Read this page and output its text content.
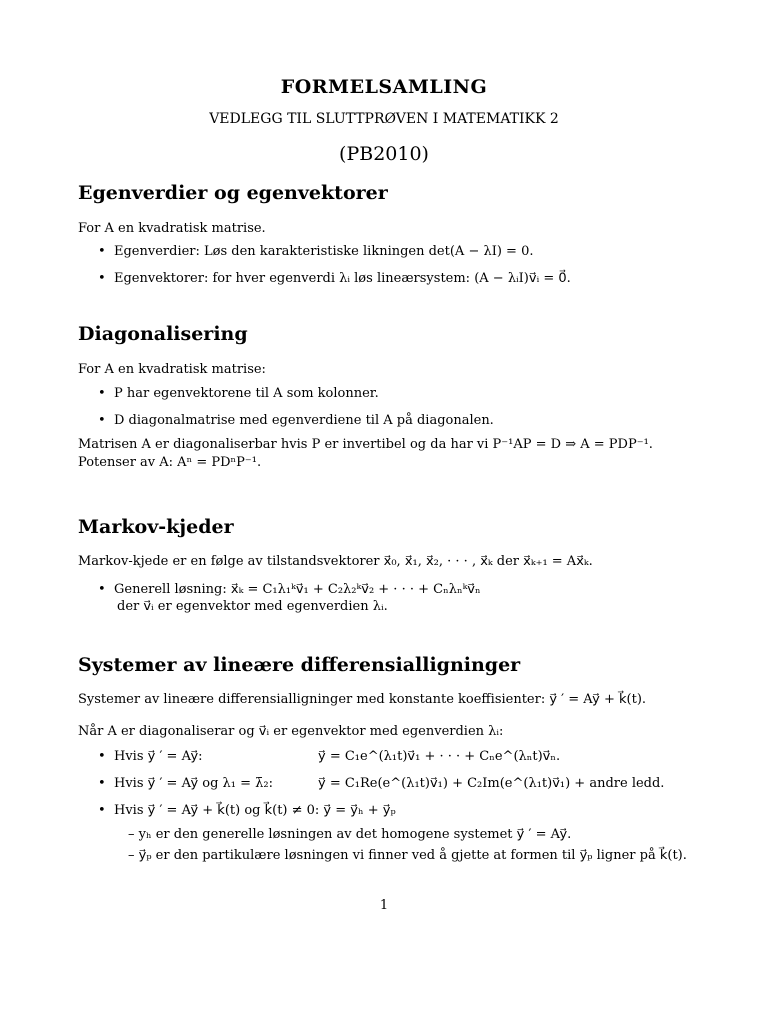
FORMELSAMLING
VEDLEGG TIL SLUTTPRØVEN I MATEMATIKK 2
(PB2010)
Egenverdier og egenvektorer
For A en kvadratisk matrise.
• Egenverdier: Løs den karakteristiske likningen det(A − λI) = 0.
• Egenvektorer: for hver egenverdi λᵢ løs lineærsystem: (A − λᵢI)v⃗ᵢ = 0⃗.
Diagonalisering
For A en kvadratisk matrise:
• P har egenvektorene til A som kolonner.
• D diagonalmatrise med egenverdiene til A på diagonalen.
Matrisen A er diagonaliserbar hvis P er invertibel og da har vi P⁻¹AP = D ⇒ A = PDP⁻¹.
Potenser av A: Aⁿ = PDⁿP⁻¹.
Markov-kjeder
Markov-kjede er en følge av tilstandsvektorer x⃗₀, x⃗₁, x⃗₂, · · · , x⃗ₖ der x⃗ₖ₊₁ = Ax⃗ₖ.
• Generell løsning: x⃗ₖ = C₁λ₁ᵏv⃗₁ + C₂λ₂ᵏv⃗₂ + · · · + Cₙλₙᵏv⃗ₙ
der v⃗ᵢ er egenvektor med egenverdien λᵢ.
Systemer av lineære differensialligninger
Systemer av lineære differensialligninger med konstante koeffisienter: y⃗ ′ = Ay⃗ + k⃗(t).
Når A er diagonaliserar og v⃗ᵢ er egenvektor med egenverdien λᵢ:
• Hvis y⃗ ′ = Ay⃗:	y⃗ = C₁e^(λ₁t)v⃗₁ + · · · + Cₙe^(λₙt)v⃗ₙ.
• Hvis y⃗ ′ = Ay⃗ og λ₁ = λ̄₂:	y⃗ = C₁Re(e^(λ₁t)v⃗₁) + C₂Im(e^(λ₁t)v⃗₁) + andre ledd.
• Hvis y⃗ ′ = Ay⃗ + k⃗(t) og k⃗(t) ≠ 0: y⃗ = y⃗ₕ + y⃗ₚ
– yₕ er den generelle løsningen av det homogene systemet y⃗ ′ = Ay⃗.
– y⃗ₚ er den partikulære løsningen vi finner ved å gjette at formen til y⃗ₚ ligner på k⃗(t).
1
